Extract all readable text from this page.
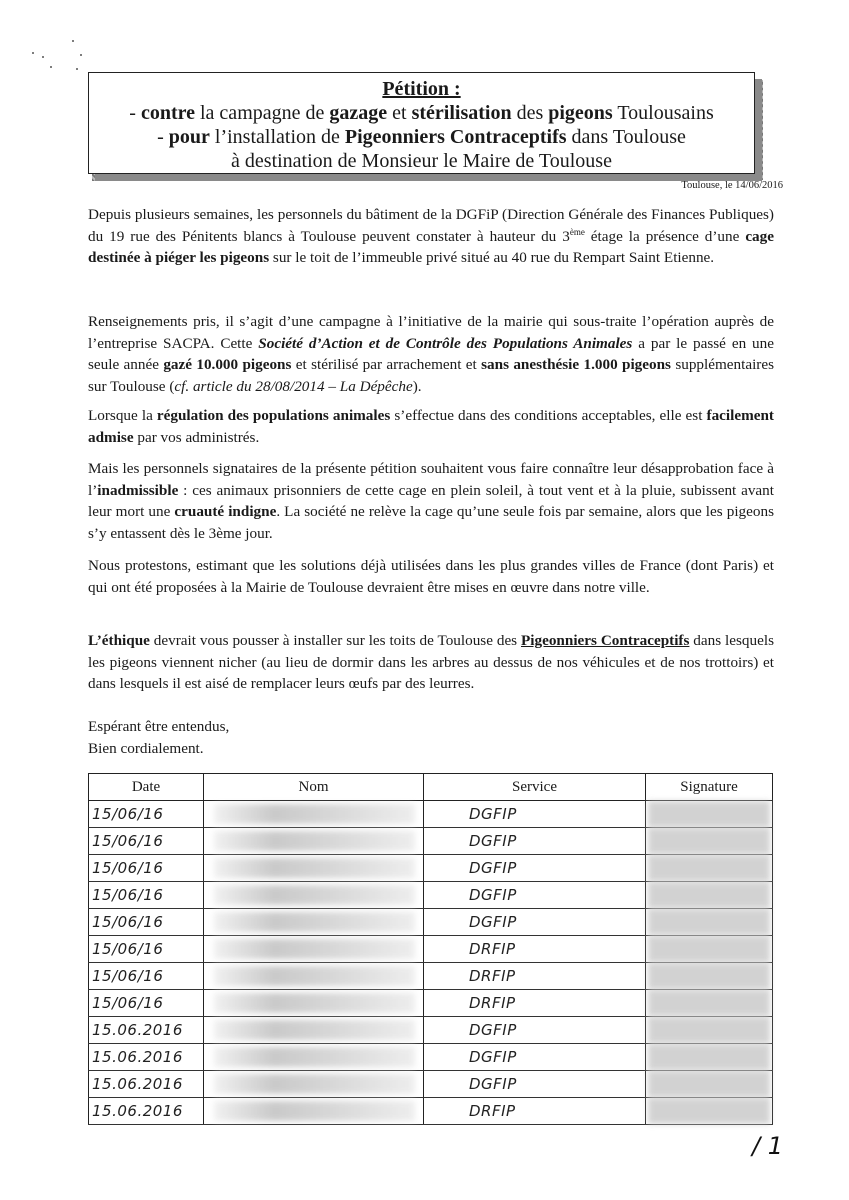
Pétition :
- contre la campagne de gazage et stérilisation des pigeons Toulousains
- pour l’installation de Pigeonniers Contraceptifs dans Toulouse
à destination de Monsieur le Maire de Toulouse
Toulouse, le 14/06/2016
Depuis plusieurs semaines, les personnels du bâtiment de la DGFiP (Direction Générale des Finances Publiques) du 19 rue des Pénitents blancs à Toulouse peuvent constater à hauteur du 3ème étage la présence d’une cage destinée à piéger les pigeons sur le toit de l’immeuble privé situé au 40 rue du Rempart Saint Etienne.
Renseignements pris, il s’agit d’une campagne à l’initiative de la mairie qui sous-traite l’opération auprès de l’entreprise SACPA. Cette Société d’Action et de Contrôle des Populations Animales a par le passé en une seule année gazé 10.000 pigeons et stérilisé par arrachement et sans anesthésie 1.000 pigeons supplémentaires sur Toulouse (cf. article du 28/08/2014 – La Dépêche).
Lorsque la régulation des populations animales s’effectue dans des conditions acceptables, elle est facilement admise par vos administrés.
Mais les personnels signataires de la présente pétition souhaitent vous faire connaître leur désapprobation face à l’inadmissible : ces animaux prisonniers de cette cage en plein soleil, à tout vent et à la pluie, subissent avant leur mort une cruauté indigne. La société ne relève la cage qu’une seule fois par semaine, alors que les pigeons s’y entassent dès le 3ème jour.
Nous protestons, estimant que les solutions déjà utilisées dans les plus grandes villes de France (dont Paris) et qui ont été proposées à la Mairie de Toulouse devraient être mises en œuvre dans notre ville.
L’éthique devrait vous pousser à installer sur les toits de Toulouse des Pigeonniers Contraceptifs dans lesquels les pigeons viennent nicher (au lieu de dormir dans les arbres au dessus de nos véhicules et de nos trottoirs) et dans lesquels il est aisé de remplacer leurs œufs par des leurres.
Espérant être entendus,
Bien cordialement.
Date	Nom	Service	Signature
15/06/16		DGFIP	

15/06/16		DGFIP	

15/06/16		DGFIP	

15/06/16		DGFIP	

15/06/16		DGFIP	

15/06/16		DRFIP	

15/06/16		DRFIP	

15/06/16		DRFIP	

15.06.2016		DGFIP	

15.06.2016		DGFIP	

15.06.2016		DGFIP	

15.06.2016		DRFIP	
/ 1
